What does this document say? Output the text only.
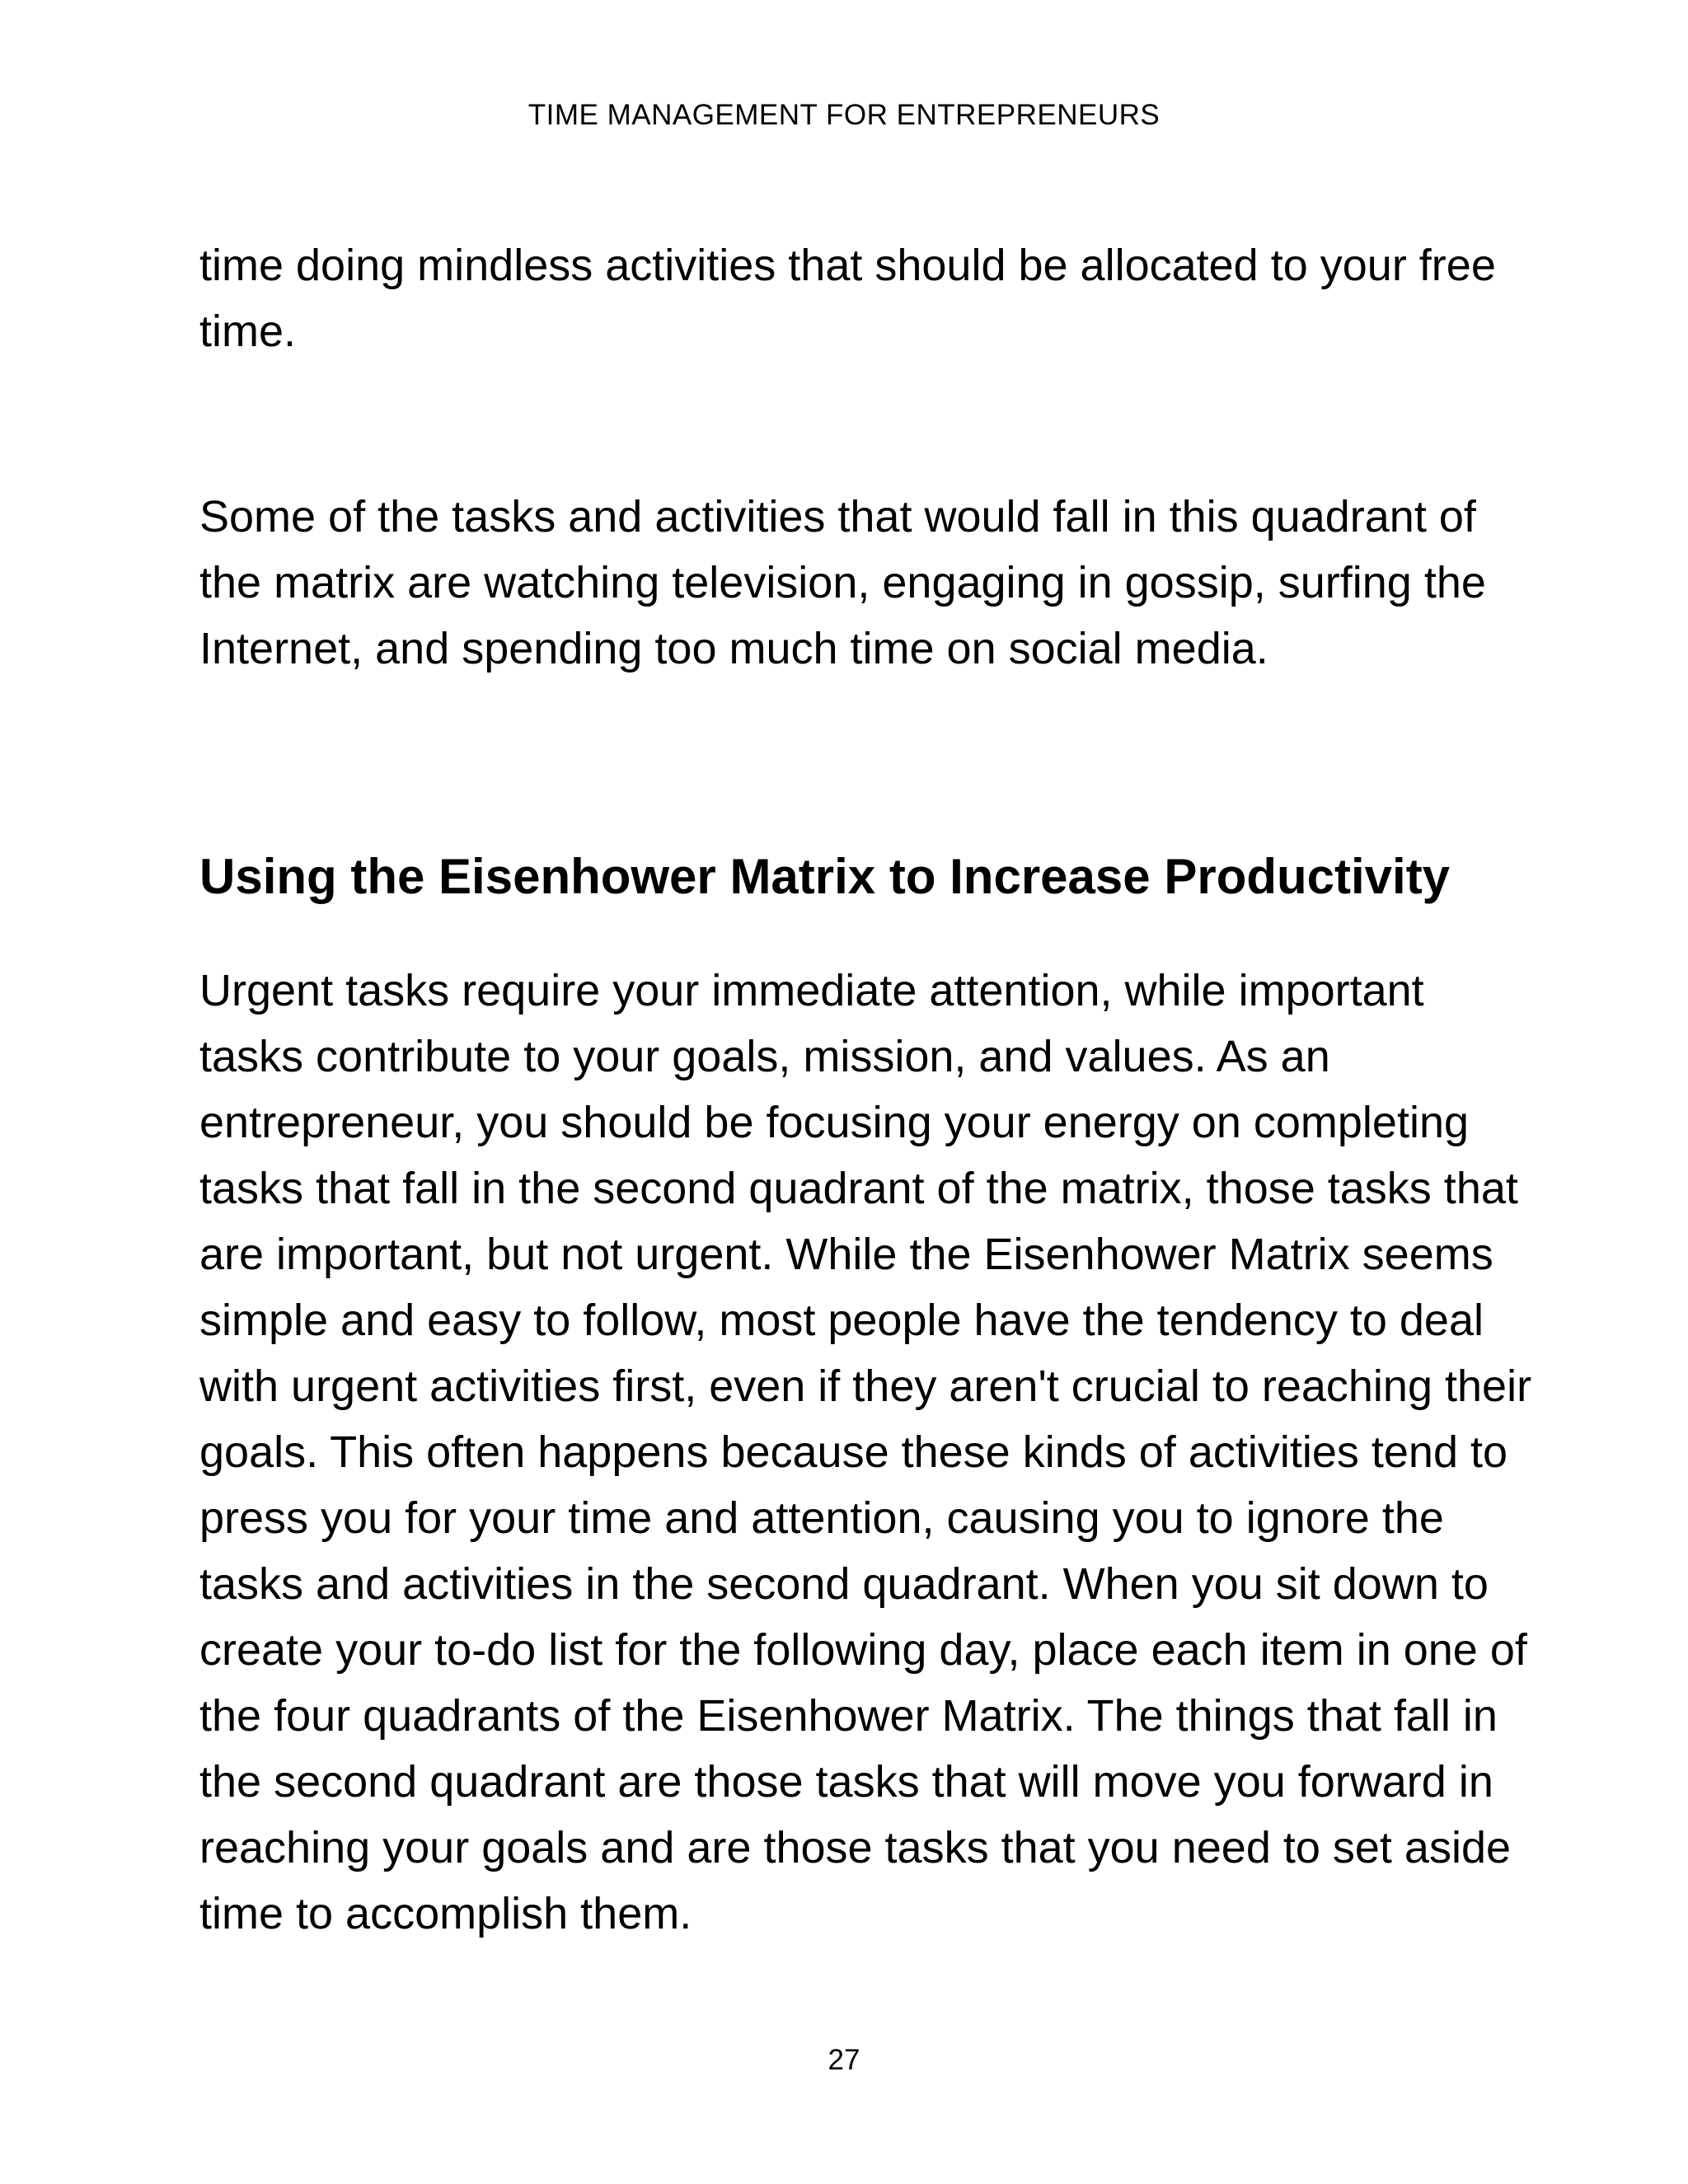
TIME MANAGEMENT FOR ENTREPRENEURS

time doing mindless activities that should be allocated to your free time.

Some of the tasks and activities that would fall in this quadrant of the matrix are watching television, engaging in gossip, surfing the Internet, and spending too much time on social media.

Using the Eisenhower Matrix to Increase Productivity

Urgent tasks require your immediate attention, while important tasks contribute to your goals, mission, and values. As an entrepreneur, you should be focusing your energy on completing tasks that fall in the second quadrant of the matrix, those tasks that are important, but not urgent. While the Eisenhower Matrix seems simple and easy to follow, most people have the tendency to deal with urgent activities first, even if they aren't crucial to reaching their goals. This often happens because these kinds of activities tend to press you for your time and attention, causing you to ignore the tasks and activities in the second quadrant. When you sit down to create your to-do list for the following day, place each item in one of the four quadrants of the Eisenhower Matrix. The things that fall in the second quadrant are those tasks that will move you forward in reaching your goals and are those tasks that you need to set aside time to accomplish them.

27
